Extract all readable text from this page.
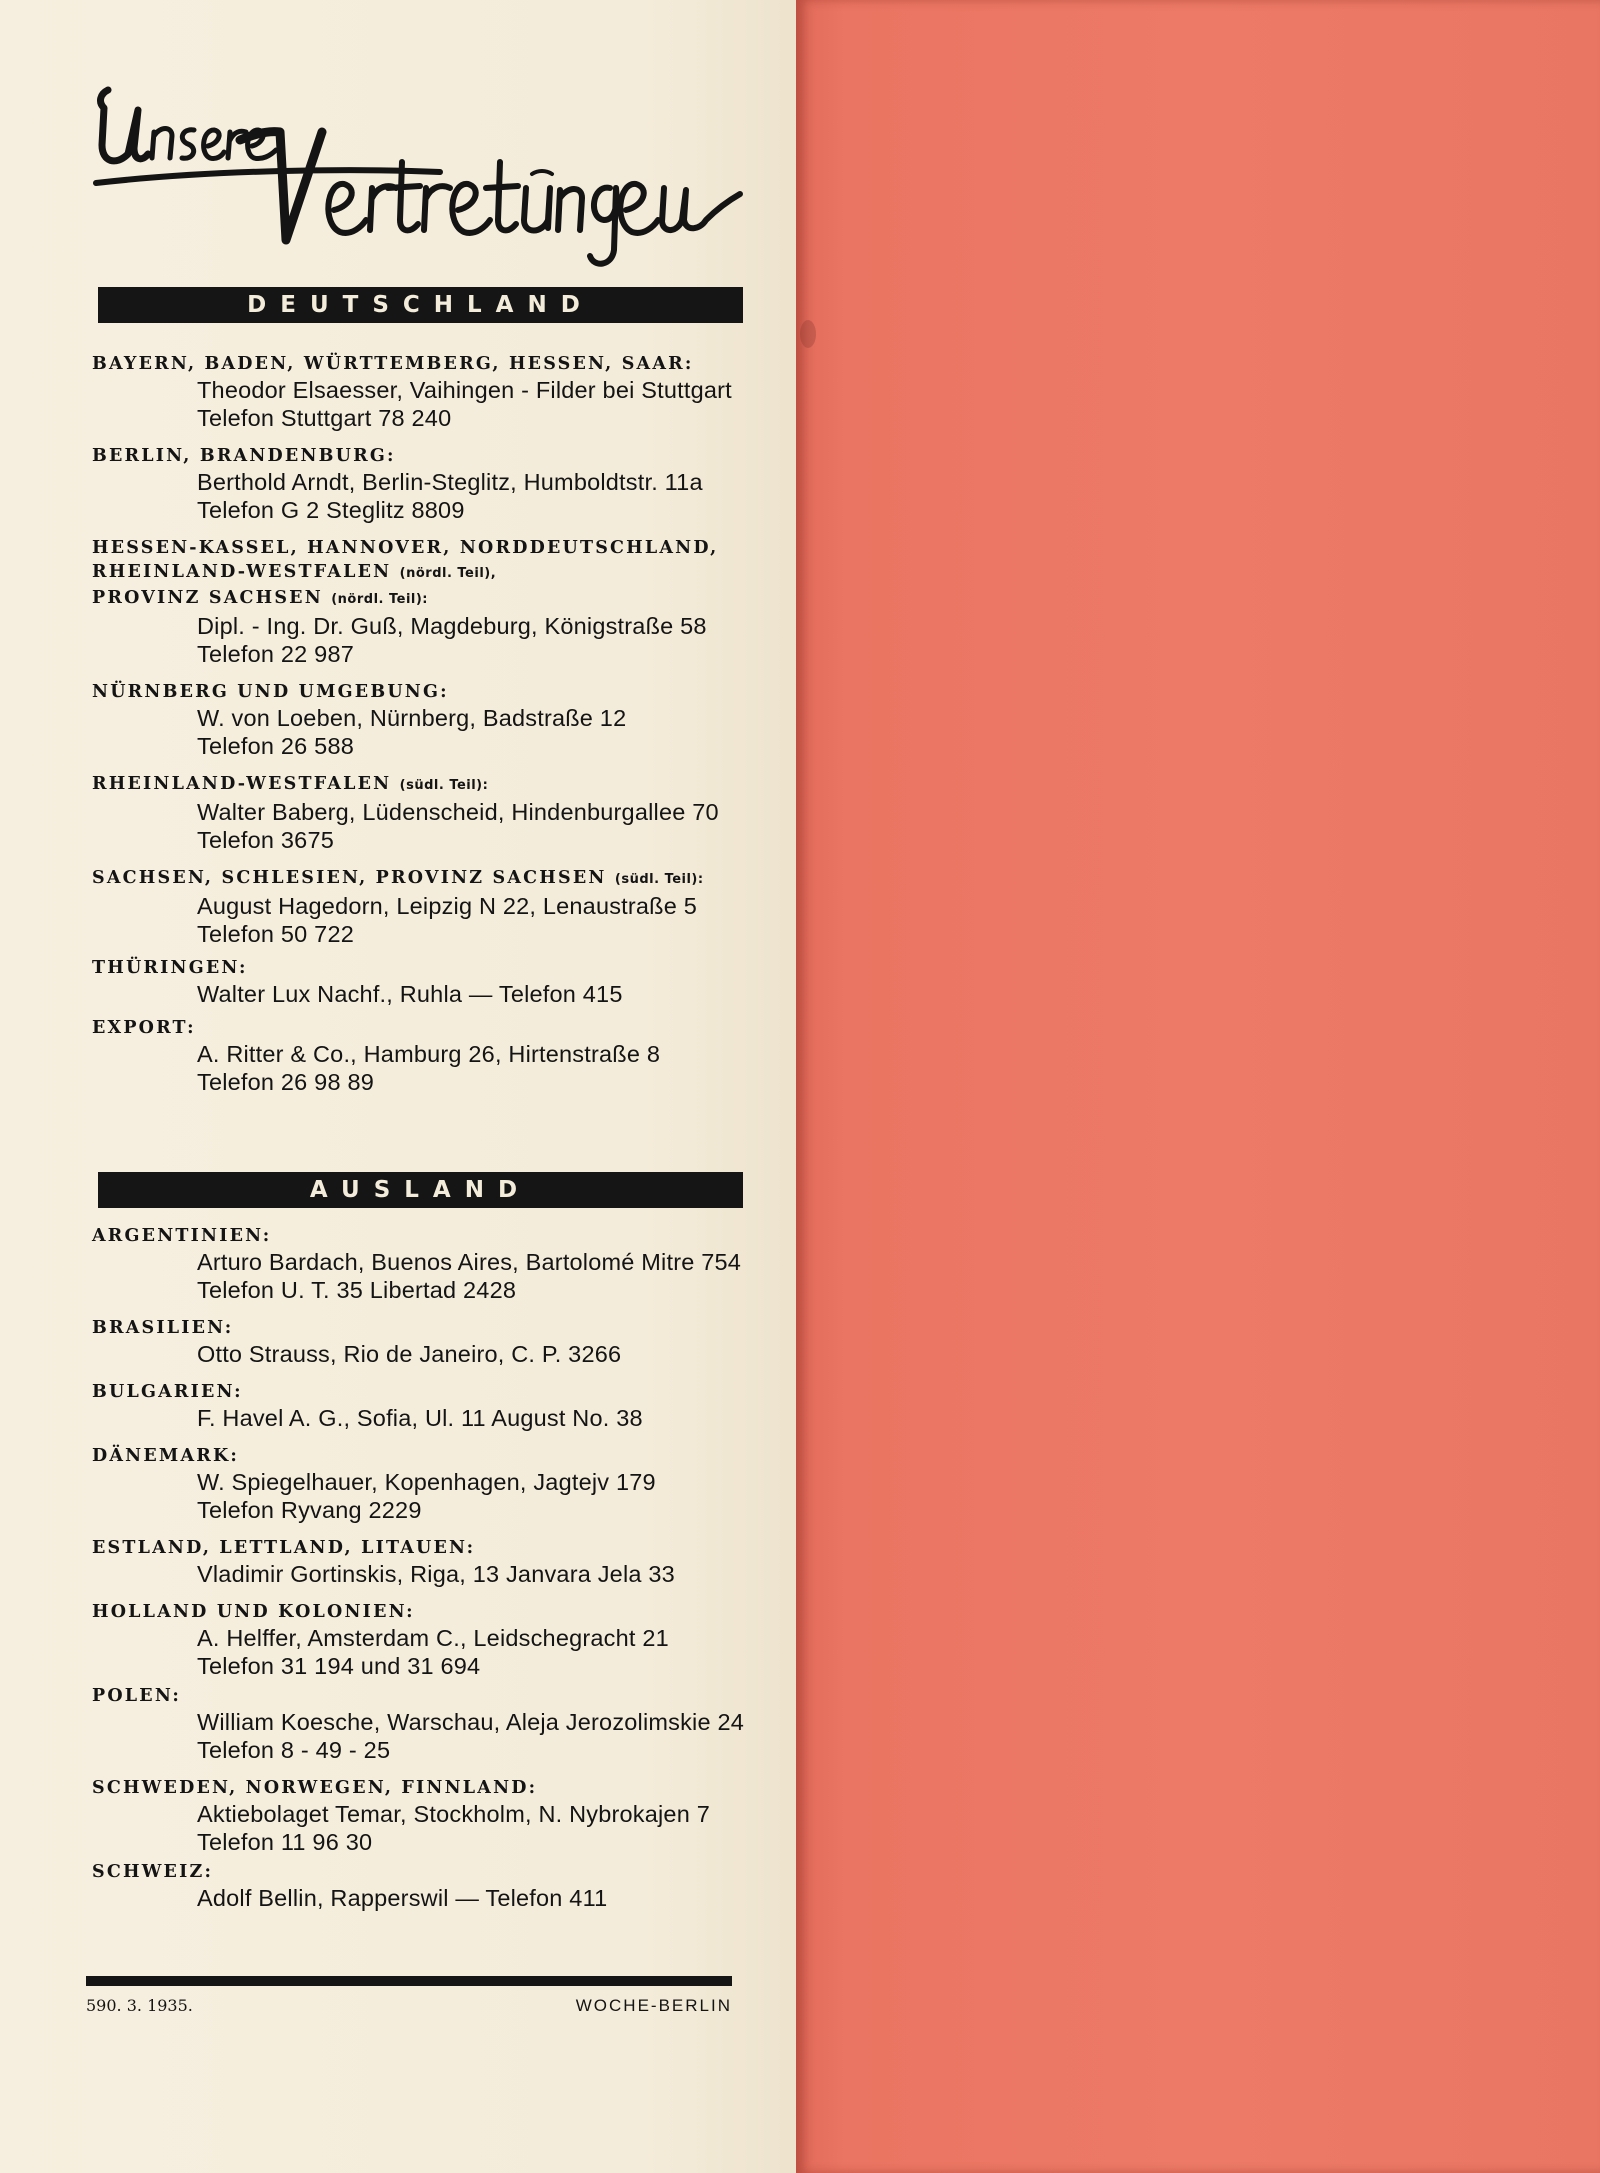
DEUTSCHLAND
BAYERN, BADEN, WÜRTTEMBERG, HESSEN, SAAR:
Theodor Elsaesser, Vaihingen - Filder bei Stuttgart
Telefon Stuttgart 78 240
BERLIN, BRANDENBURG:
Berthold Arndt, Berlin-Steglitz, Humboldtstr. 11a
Telefon G 2 Steglitz 8809
HESSEN-KASSEL, HANNOVER, NORDDEUTSCHLAND,
RHEINLAND-WESTFALEN (nördl. Teil),
PROVINZ SACHSEN (nördl. Teil):
Dipl. - Ing. Dr. Guß, Magdeburg, Königstraße 58
Telefon 22 987
NÜRNBERG UND UMGEBUNG:
W. von Loeben, Nürnberg, Badstraße 12
Telefon 26 588
RHEINLAND-WESTFALEN (südl. Teil):
Walter Baberg, Lüdenscheid, Hindenburgallee 70
Telefon 3675
SACHSEN, SCHLESIEN, PROVINZ SACHSEN (südl. Teil):
August Hagedorn, Leipzig N 22, Lenaustraße 5
Telefon 50 722
THÜRINGEN:
Walter Lux Nachf., Ruhla — Telefon 415
EXPORT:
A. Ritter & Co., Hamburg 26, Hirtenstraße 8
Telefon 26 98 89
AUSLAND
ARGENTINIEN:
Arturo Bardach, Buenos Aires, Bartolomé Mitre 754
Telefon U. T. 35 Libertad 2428
BRASILIEN:
Otto Strauss, Rio de Janeiro, C. P. 3266
BULGARIEN:
F. Havel A. G., Sofia, Ul. 11 August No. 38
DÄNEMARK:
W. Spiegelhauer, Kopenhagen, Jagtejv 179
Telefon Ryvang 2229
ESTLAND, LETTLAND, LITAUEN:
Vladimir Gortinskis, Riga, 13 Janvara Jela 33
HOLLAND UND KOLONIEN:
A. Helffer, Amsterdam C., Leidschegracht 21
Telefon 31 194 und 31 694
POLEN:
William Koesche, Warschau, Aleja Jerozolimskie 24
Telefon 8 - 49 - 25
SCHWEDEN, NORWEGEN, FINNLAND:
Aktiebolaget Temar, Stockholm, N. Nybrokajen 7
Telefon 11 96 30
SCHWEIZ:
Adolf Bellin, Rapperswil — Telefon 411
590. 3. 1935.	WOCHE-BERLIN
